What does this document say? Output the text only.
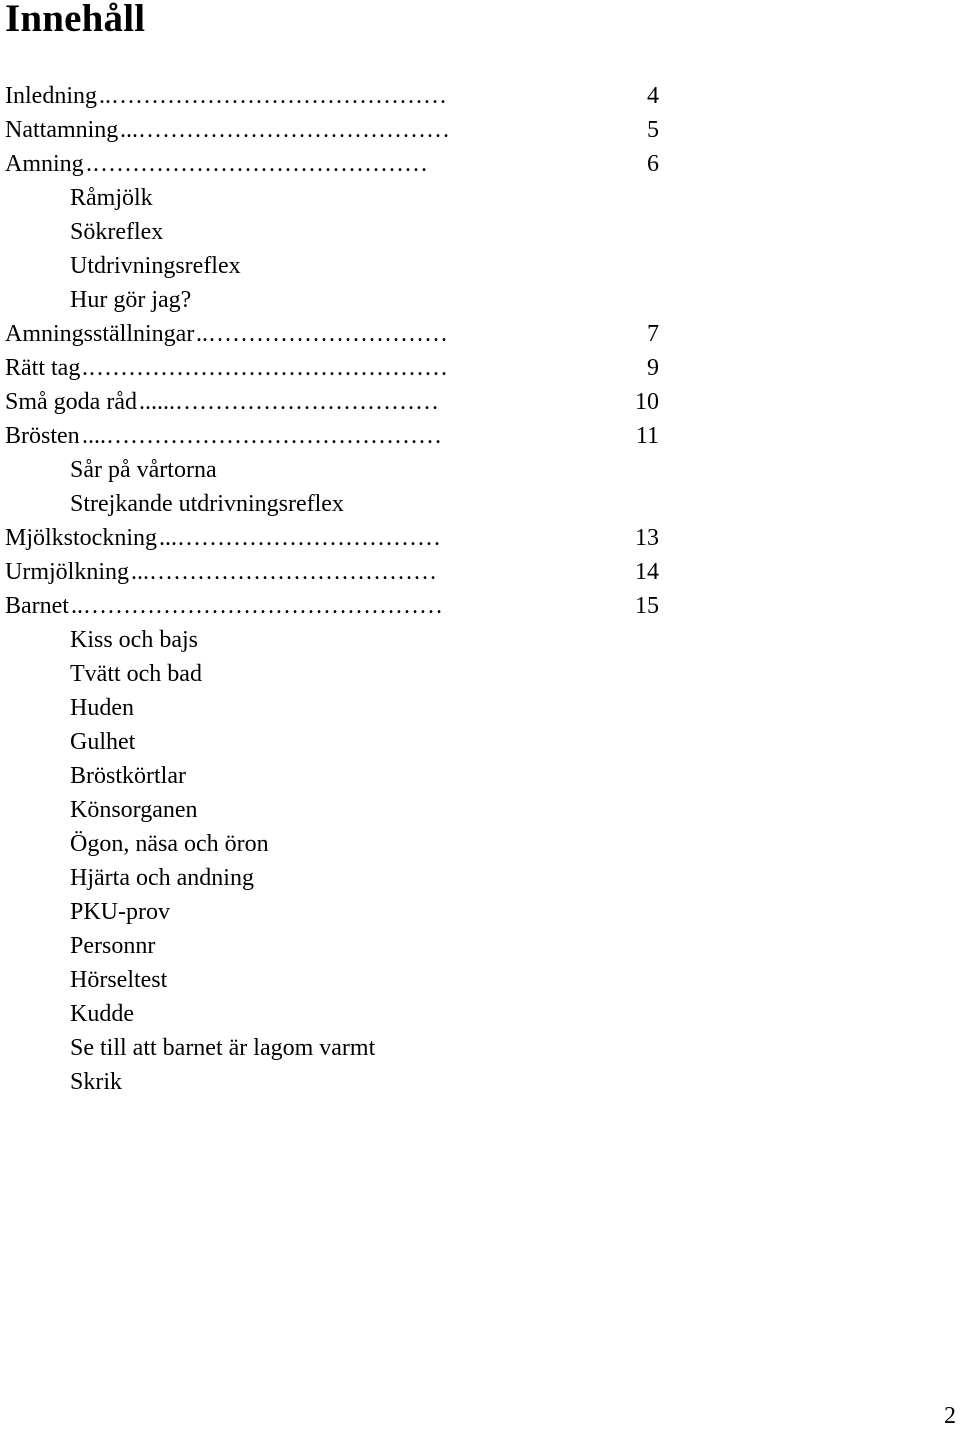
Innehåll
Inledning ……………………………………..	4
Nattamning …………………………………...	5
Amning …………………………………….	6
Råmjölk
Sökreflex
Utdrivningsreflex
Hur gör jag?
Amningsställningar …………………………..	7
Rätt tag ……………………………………….	9
Små goda råd ……………………………......	10
Brösten ……………………………………....	11
Sår på vårtorna
Strejkande utdrivningsreflex
Mjölkstockning ……………………………...	13
Urmjölkning ………………………………...	14
Barnet ………………………………………..	15
Kiss och bajs
Tvätt och bad
Huden
Gulhet
Bröstkörtlar
Könsorganen
Ögon, näsa och öron
Hjärta och andning
PKU-prov
Personnr
Hörseltest
Kudde
Se till att barnet är lagom varmt
Skrik
2
